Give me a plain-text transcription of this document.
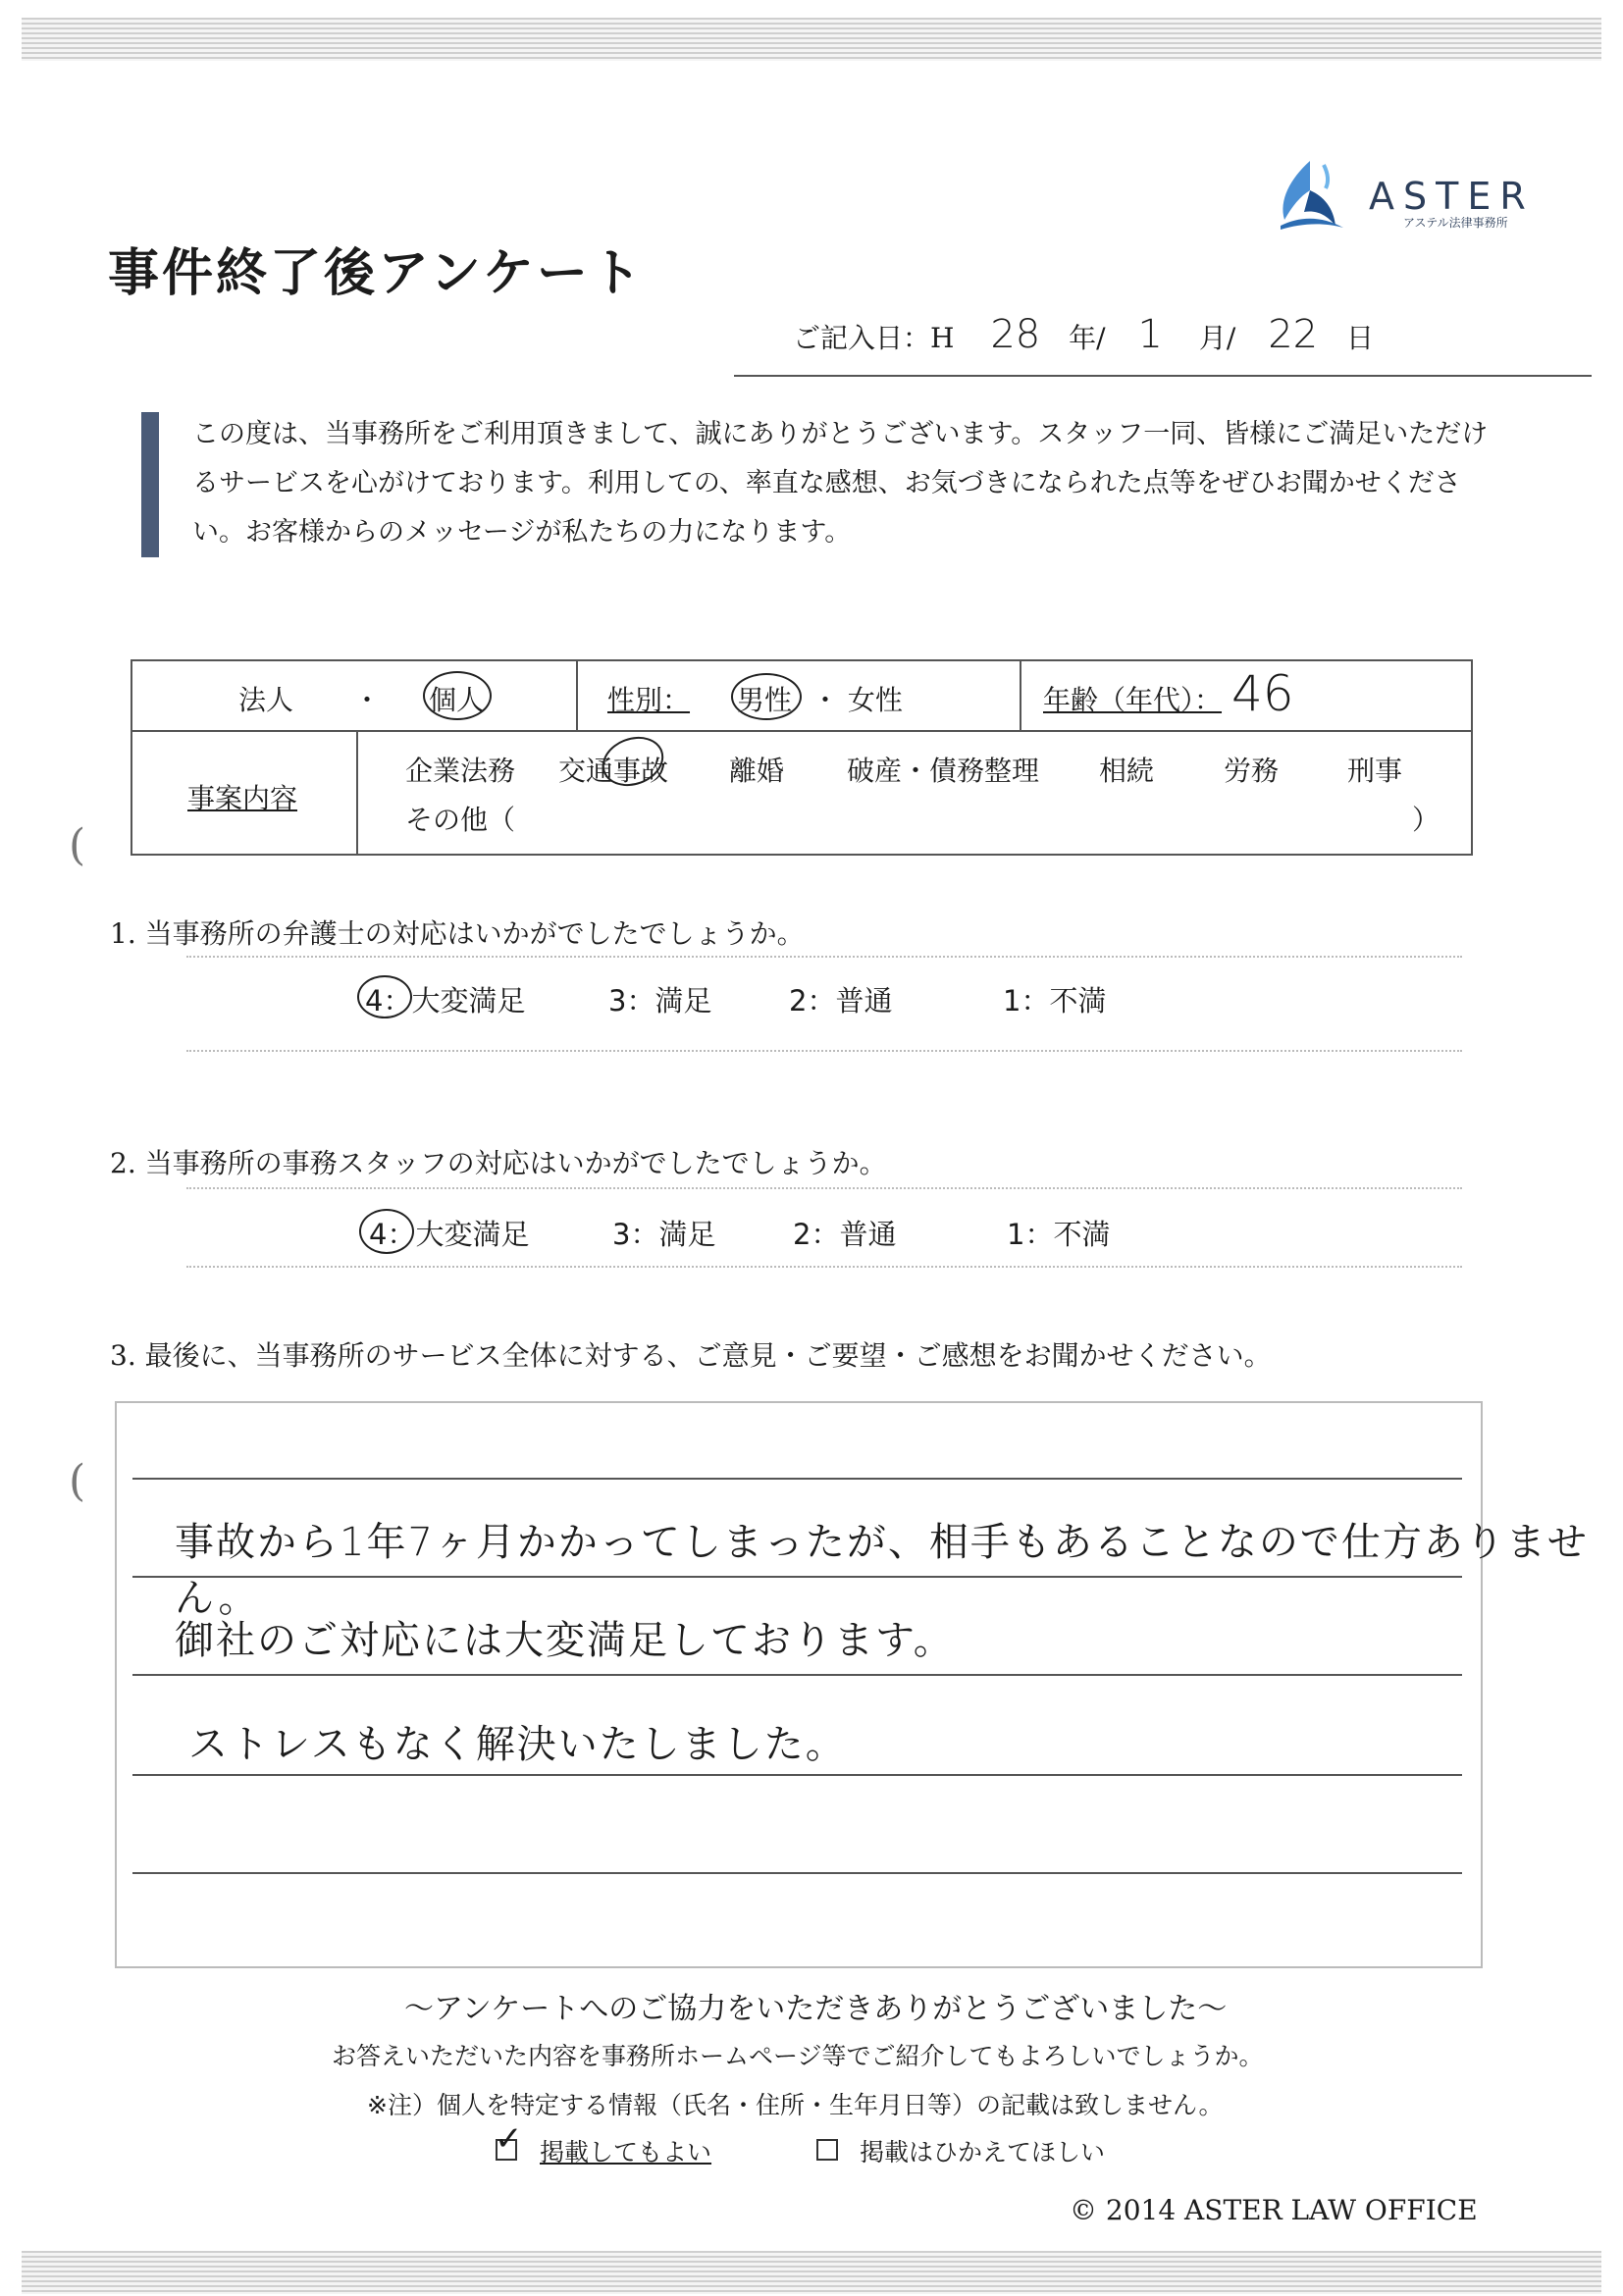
ASTER
アステル法律事務所
事件終了後アンケート
ご記入日：H 28 年/ 1 月/ 22 日
この度は、当事務所をご利用頂きまして、誠にありがとうございます。スタッフ一同、皆様にご満足いただけるサービスを心がけております。利用しての、率直な感想、お気づきになられた点等をぜひお聞かせください。お客様からのメッセージが私たちの力になります。
法人 ・ 個人	性別： 男性 ・ 女性	年齢（年代）： 46
事案内容
企業法務 交通事故 離婚 破産・債務整理 相続	労務 刑事
その他（	）
(
(
1. 当事務所の弁護士の対応はいかがでしたでしょうか。
4：大変満足	3：満足	2：普通	1：不満
2. 当事務所の事務スタッフの対応はいかがでしたでしょうか。
4：大変満足	3：満足	2：普通	1：不満
3. 最後に、当事務所のサービス全体に対する、ご意見・ご要望・ご感想をお聞かせください。
事故から1年7ヶ月かかってしまったが、相手もあることなので仕方ありません。
御社のご対応には大変満足しております。
ストレスもなく解決いたしました。
～アンケートへのご協力をいただきありがとうございました～
お答えいただいた内容を事務所ホームページ等でご紹介してもよろしいでしょうか。
※注）個人を特定する情報（氏名・住所・生年月日等）の記載は致しません。
✓ 掲載してもよい	掲載はひかえてほしい
© 2014 ASTER LAW OFFICE
